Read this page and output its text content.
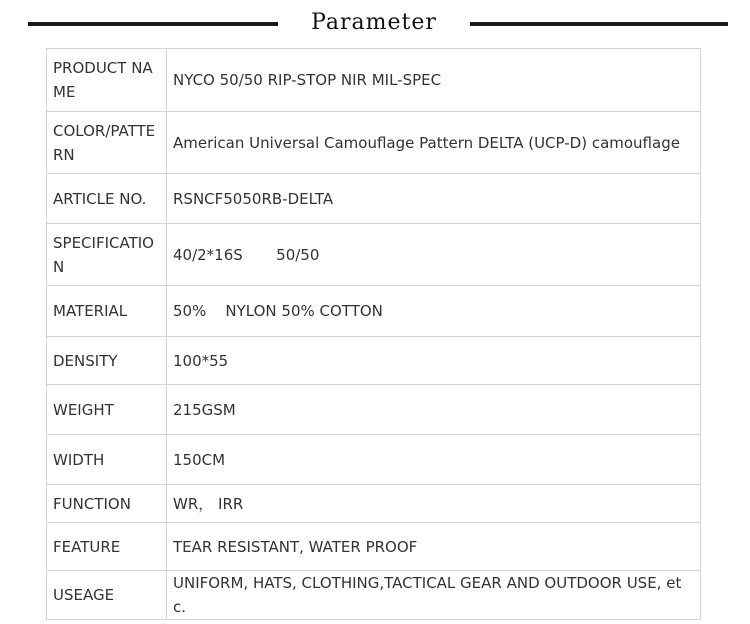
Parameter
PRODUCT NAME	NYCO 50/50 RIP-STOP NIR MIL-SPEC
COLOR/PATTERN	American Universal Camouflage Pattern DELTA (UCP-D) camouflage
ARTICLE NO.	RSNCF5050RB-DELTA
SPECIFICATION	40/2*16S       50/50
MATERIAL	50%    NYLON 50% COTTON
DENSITY	100*55
WEIGHT	215GSM
WIDTH	150CM
FUNCTION	WR， IRR
FEATURE	TEAR RESISTANT, WATER PROOF
USEAGE	UNIFORM, HATS, CLOTHING,TACTICAL GEAR AND OUTDOOR USE, etc.
